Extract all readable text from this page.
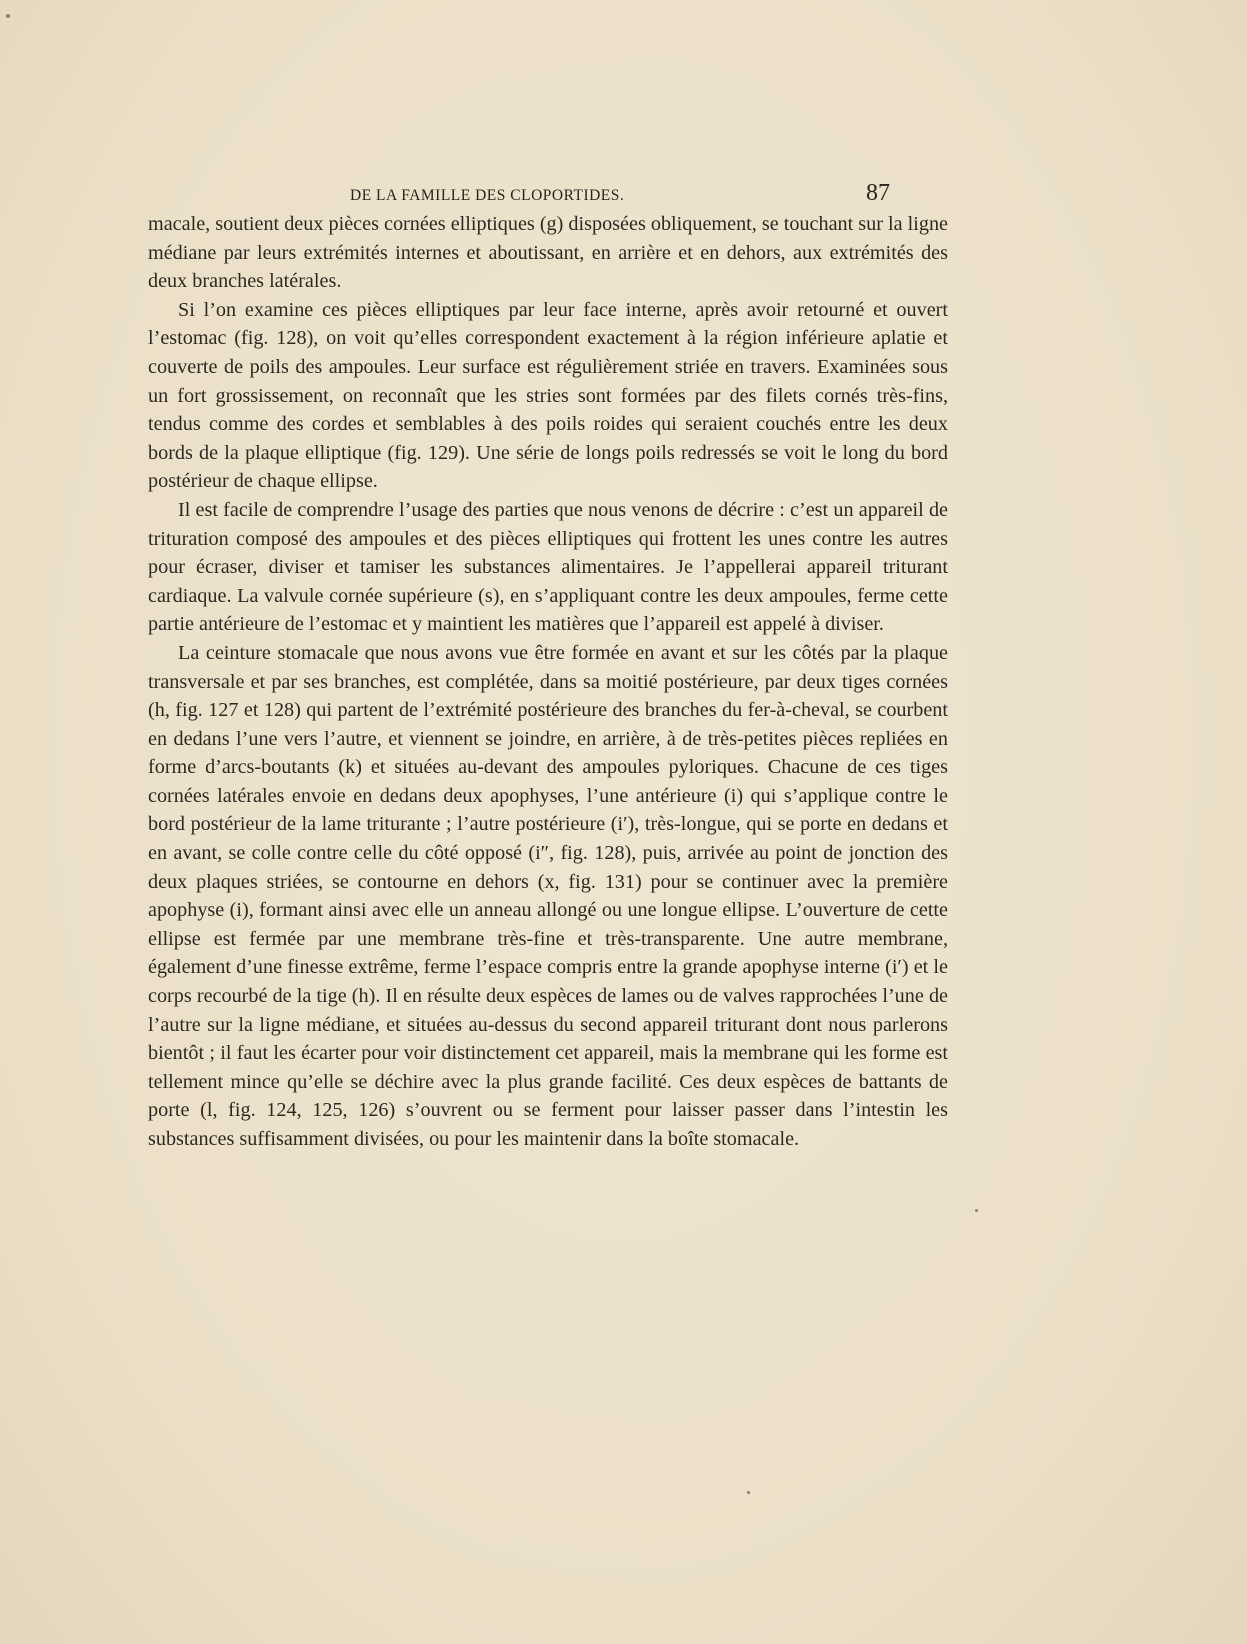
DE LA FAMILLE DES CLOPORTIDES.	87

macale, soutient deux pièces cornées elliptiques (g) disposées obliquement, se touchant sur la ligne médiane par leurs extrémités internes et aboutissant, en arrière et en dehors, aux extrémités des deux branches latérales.

Si l’on examine ces pièces elliptiques par leur face interne, après avoir retourné et ouvert l’estomac (fig. 128), on voit qu’elles correspondent exactement à la région inférieure aplatie et couverte de poils des ampoules. Leur surface est régulièrement striée en travers. Examinées sous un fort grossissement, on reconnaît que les stries sont formées par des filets cornés très-fins, tendus comme des cordes et semblables à des poils roides qui seraient couchés entre les deux bords de la plaque elliptique (fig. 129). Une série de longs poils redressés se voit le long du bord postérieur de chaque ellipse.

Il est facile de comprendre l’usage des parties que nous venons de décrire : c’est un appareil de trituration composé des ampoules et des pièces elliptiques qui frottent les unes contre les autres pour écraser, diviser et tamiser les substances alimentaires. Je l’appellerai appareil triturant cardiaque. La valvule cornée supérieure (s), en s’appliquant contre les deux ampoules, ferme cette partie antérieure de l’estomac et y maintient les matières que l’appareil est appelé à diviser.

La ceinture stomacale que nous avons vue être formée en avant et sur les côtés par la plaque transversale et par ses branches, est complétée, dans sa moitié postérieure, par deux tiges cornées (h, fig. 127 et 128) qui partent de l’extrémité postérieure des branches du fer-à-cheval, se courbent en dedans l’une vers l’autre, et viennent se joindre, en arrière, à de très-petites pièces repliées en forme d’arcs-boutants (k) et situées au-devant des ampoules pyloriques. Chacune de ces tiges cornées latérales envoie en dedans deux apophyses, l’une antérieure (i) qui s’applique contre le bord postérieur de la lame triturante ; l’autre postérieure (i′), très-longue, qui se porte en dedans et en avant, se colle contre celle du côté opposé (i″, fig. 128), puis, arrivée au point de jonction des deux plaques striées, se contourne en dehors (x, fig. 131) pour se continuer avec la première apophyse (i), formant ainsi avec elle un anneau allongé ou une longue ellipse. L’ouverture de cette ellipse est fermée par une membrane très-fine et très-transparente. Une autre membrane, également d’une finesse extrême, ferme l’espace compris entre la grande apophyse interne (i′) et le corps recourbé de la tige (h). Il en résulte deux espèces de lames ou de valves rapprochées l’une de l’autre sur la ligne médiane, et situées au-dessus du second appareil triturant dont nous parlerons bientôt ; il faut les écarter pour voir distinctement cet appareil, mais la membrane qui les forme est tellement mince qu’elle se déchire avec la plus grande facilité. Ces deux espèces de battants de porte (l, fig. 124, 125, 126) s’ouvrent ou se ferment pour laisser passer dans l’intestin les substances suffisamment divisées, ou pour les maintenir dans la boîte stomacale.
